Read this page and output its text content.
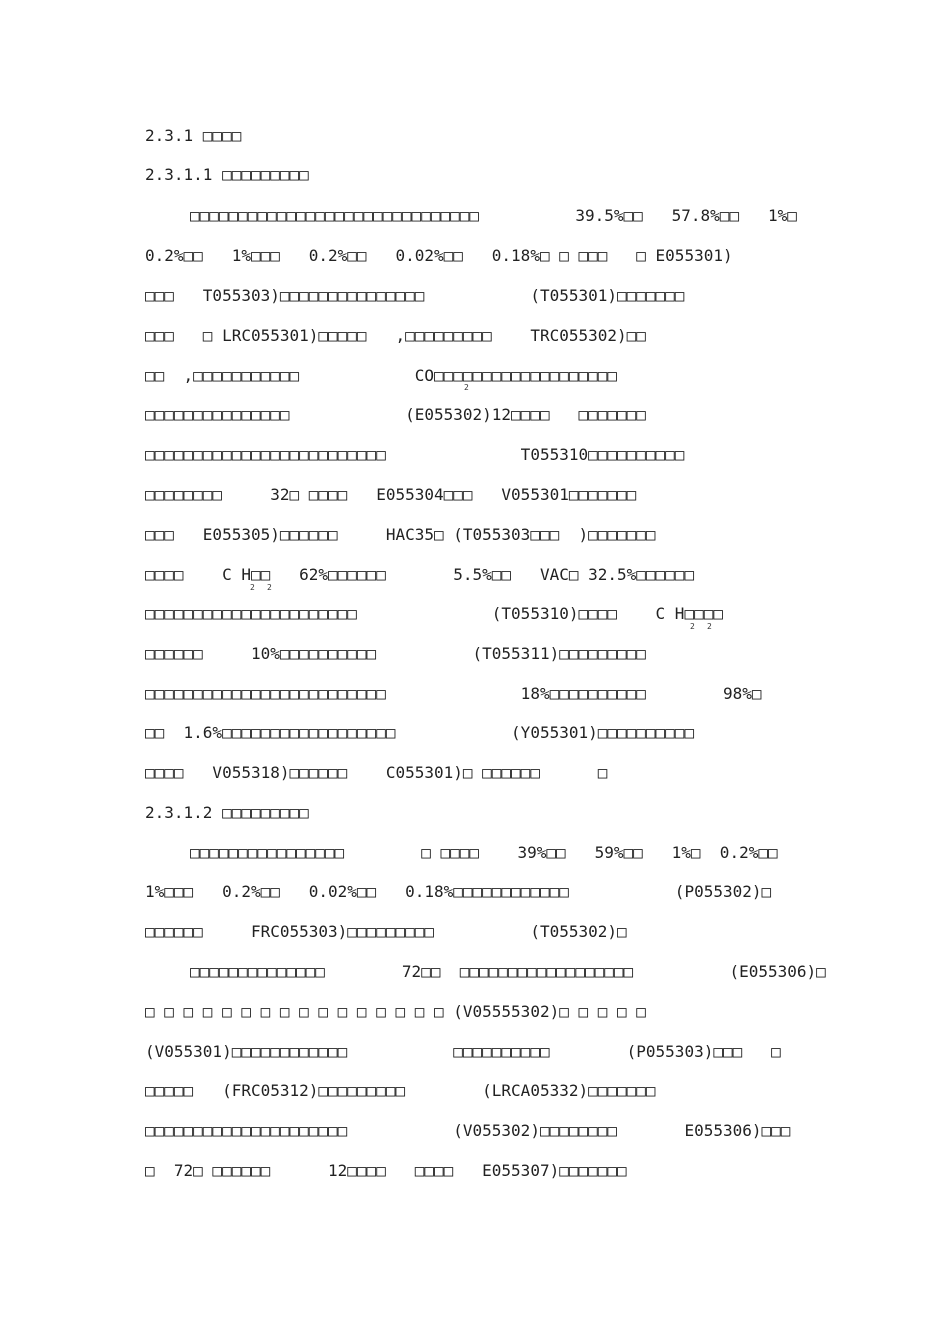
2.3.1 □□□□
2.3.1.1 □□□□□□□□□
□□□□□□□□□□□□□□□□□□□□□□□□□□□□□□          39.5%□□   57.8%□□   1%□
0.2%□□   1%□□□   0.2%□□   0.02%□□   0.18%□ □ □□□   □ E055301)
□□□   T055303)□□□□□□□□□□□□□□□           (T055301)□□□□□□□
□□□   □ LRC055301)□□□□□   ,□□□□□□□□□    TRC055302)□□
□□  ,□□□□□□□□□□□            CO□□□□□□□□□□□□□□□□□□□
2
□□□□□□□□□□□□□□□            (E055302)12□□□□   □□□□□□□
□□□□□□□□□□□□□□□□□□□□□□□□□              T055310□□□□□□□□□□
□□□□□□□□     32□ □□□□   E055304□□□   V055301□□□□□□□
□□□   E055305)□□□□□□     HAC35□ (T055303□□□  )□□□□□□□
□□□□    C H□□   62%□□□□□□       5.5%□□   VAC□ 32.5%□□□□□□
2 2
□□□□□□□□□□□□□□□□□□□□□□              (T055310)□□□□    C H□□□□
2 2
□□□□□□     10%□□□□□□□□□□          (T055311)□□□□□□□□□
□□□□□□□□□□□□□□□□□□□□□□□□□              18%□□□□□□□□□□        98%□
□□  1.6%□□□□□□□□□□□□□□□□□□            (Y055301)□□□□□□□□□□
□□□□   V055318)□□□□□□    C055301)□ □□□□□□      □
2.3.1.2 □□□□□□□□□
□□□□□□□□□□□□□□□□        □ □□□□    39%□□   59%□□   1%□  0.2%□□
1%□□□   0.2%□□   0.02%□□   0.18%□□□□□□□□□□□□           (P055302)□
□□□□□□     FRC055303)□□□□□□□□□          (T055302)□
□□□□□□□□□□□□□□        72□□  □□□□□□□□□□□□□□□□□□          (E055306)□
□ □ □ □ □ □ □ □ □ □ □ □ □ □ □ □ (V05555302)□ □ □ □ □
(V055301)□□□□□□□□□□□□           □□□□□□□□□□        (P055303)□□□   □
□□□□□   (FRC05312)□□□□□□□□□        (LRCA05332)□□□□□□□
□□□□□□□□□□□□□□□□□□□□□           (V055302)□□□□□□□□       E055306)□□□
□  72□ □□□□□□      12□□□□   □□□□   E055307)□□□□□□□
